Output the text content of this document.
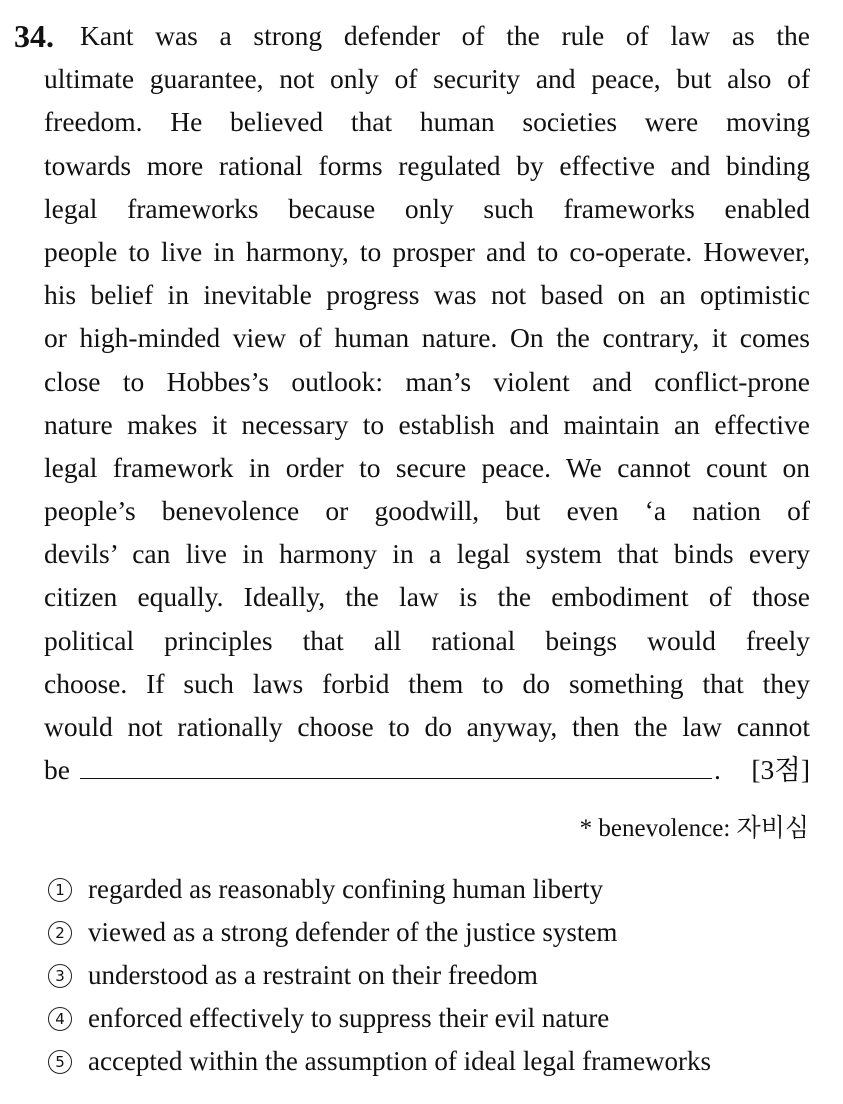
34. Kant was a strong defender of the rule of law as the
ultimate guarantee, not only of security and peace, but also of
freedom. He believed that human societies were moving
towards more rational forms regulated by effective and binding
legal frameworks because only such frameworks enabled
people to live in harmony, to prosper and to co-operate. However,
his belief in inevitable progress was not based on an optimistic
or high-minded view of human nature. On the contrary, it comes
close to Hobbes’s outlook: man’s violent and conflict-prone
nature makes it necessary to establish and maintain an effective
legal framework in order to secure peace. We cannot count on
people’s benevolence or goodwill, but even ‘a nation of
devils’ can live in harmony in a legal system that binds every
citizen equally. Ideally, the law is the embodiment of those
political principles that all rational beings would freely
choose. If such laws forbid them to do something that they
would not rationally choose to do anyway, then the law cannot
be	. [3점]
* benevolence: 자비심
1 regarded as reasonably confining human liberty
2 viewed as a strong defender of the justice system
3 understood as a restraint on their freedom
4 enforced effectively to suppress their evil nature
5 accepted within the assumption of ideal legal frameworks
